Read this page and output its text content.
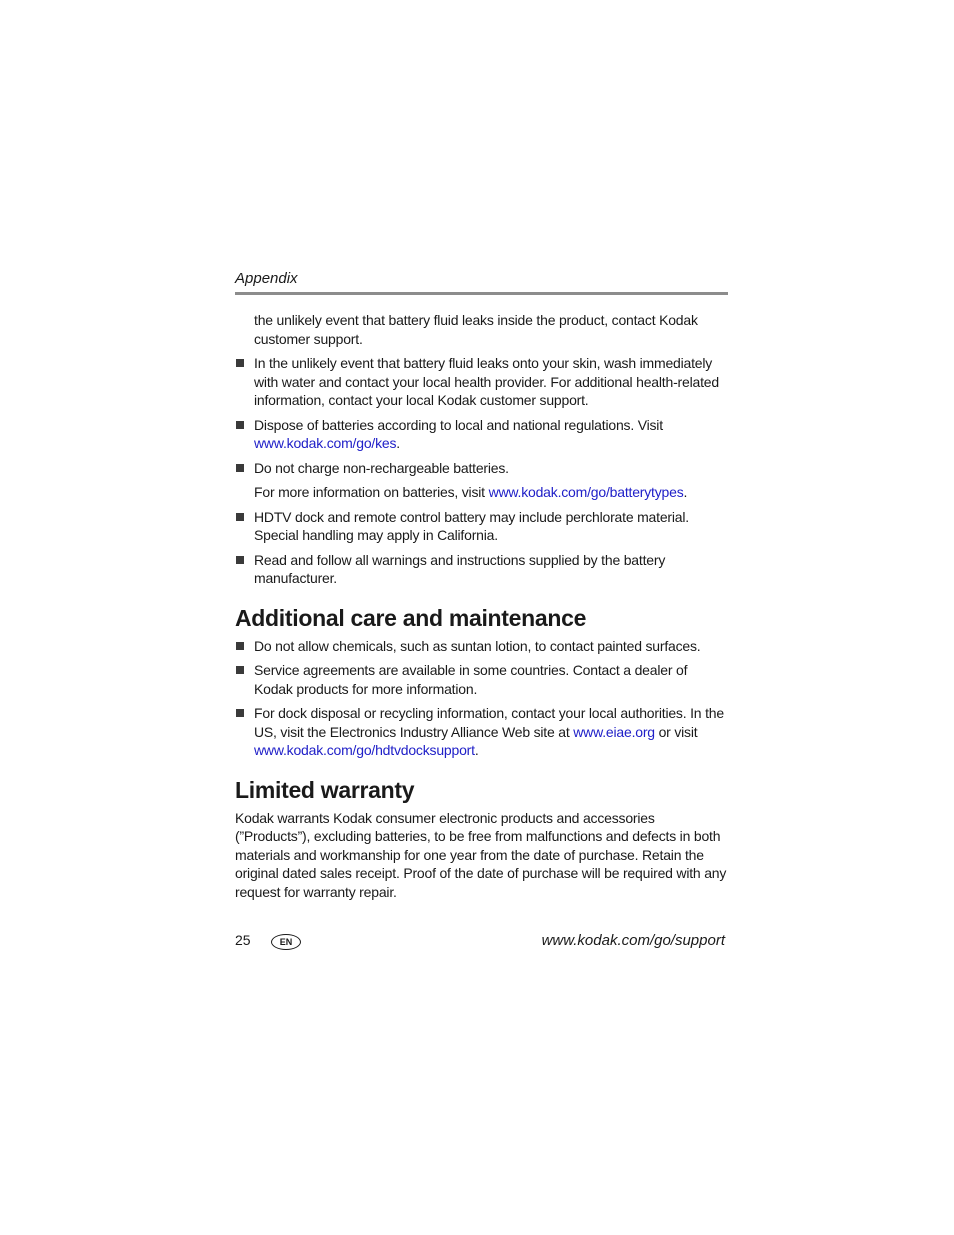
Appendix

the unlikely event that battery fluid leaks inside the product, contact Kodak customer support.

In the unlikely event that battery fluid leaks onto your skin, wash immediately with water and contact your local health provider. For additional health-related information, contact your local Kodak customer support.
Dispose of batteries according to local and national regulations. Visit www.kodak.com/go/kes.
Do not charge non-rechargeable batteries.

For more information on batteries, visit www.kodak.com/go/batterytypes.

HDTV dock and remote control battery may include perchlorate material. Special handling may apply in California.
Read and follow all warnings and instructions supplied by the battery manufacturer.
Additional care and maintenance
Do not allow chemicals, such as suntan lotion, to contact painted surfaces.
Service agreements are available in some countries. Contact a dealer of Kodak products for more information.
For dock disposal or recycling information, contact your local authorities. In the US, visit the Electronics Industry Alliance Web site at www.eiae.org or visit www.kodak.com/go/hdtvdocksupport.
Limited warranty

Kodak warrants Kodak consumer electronic products and accessories (”Products”), excluding batteries, to be free from malfunctions and defects in both materials and workmanship for one year from the date of purchase. Retain the original dated sales receipt. Proof of the date of purchase will be required with any request for warranty repair.

25	EN	www.kodak.com/go/support
